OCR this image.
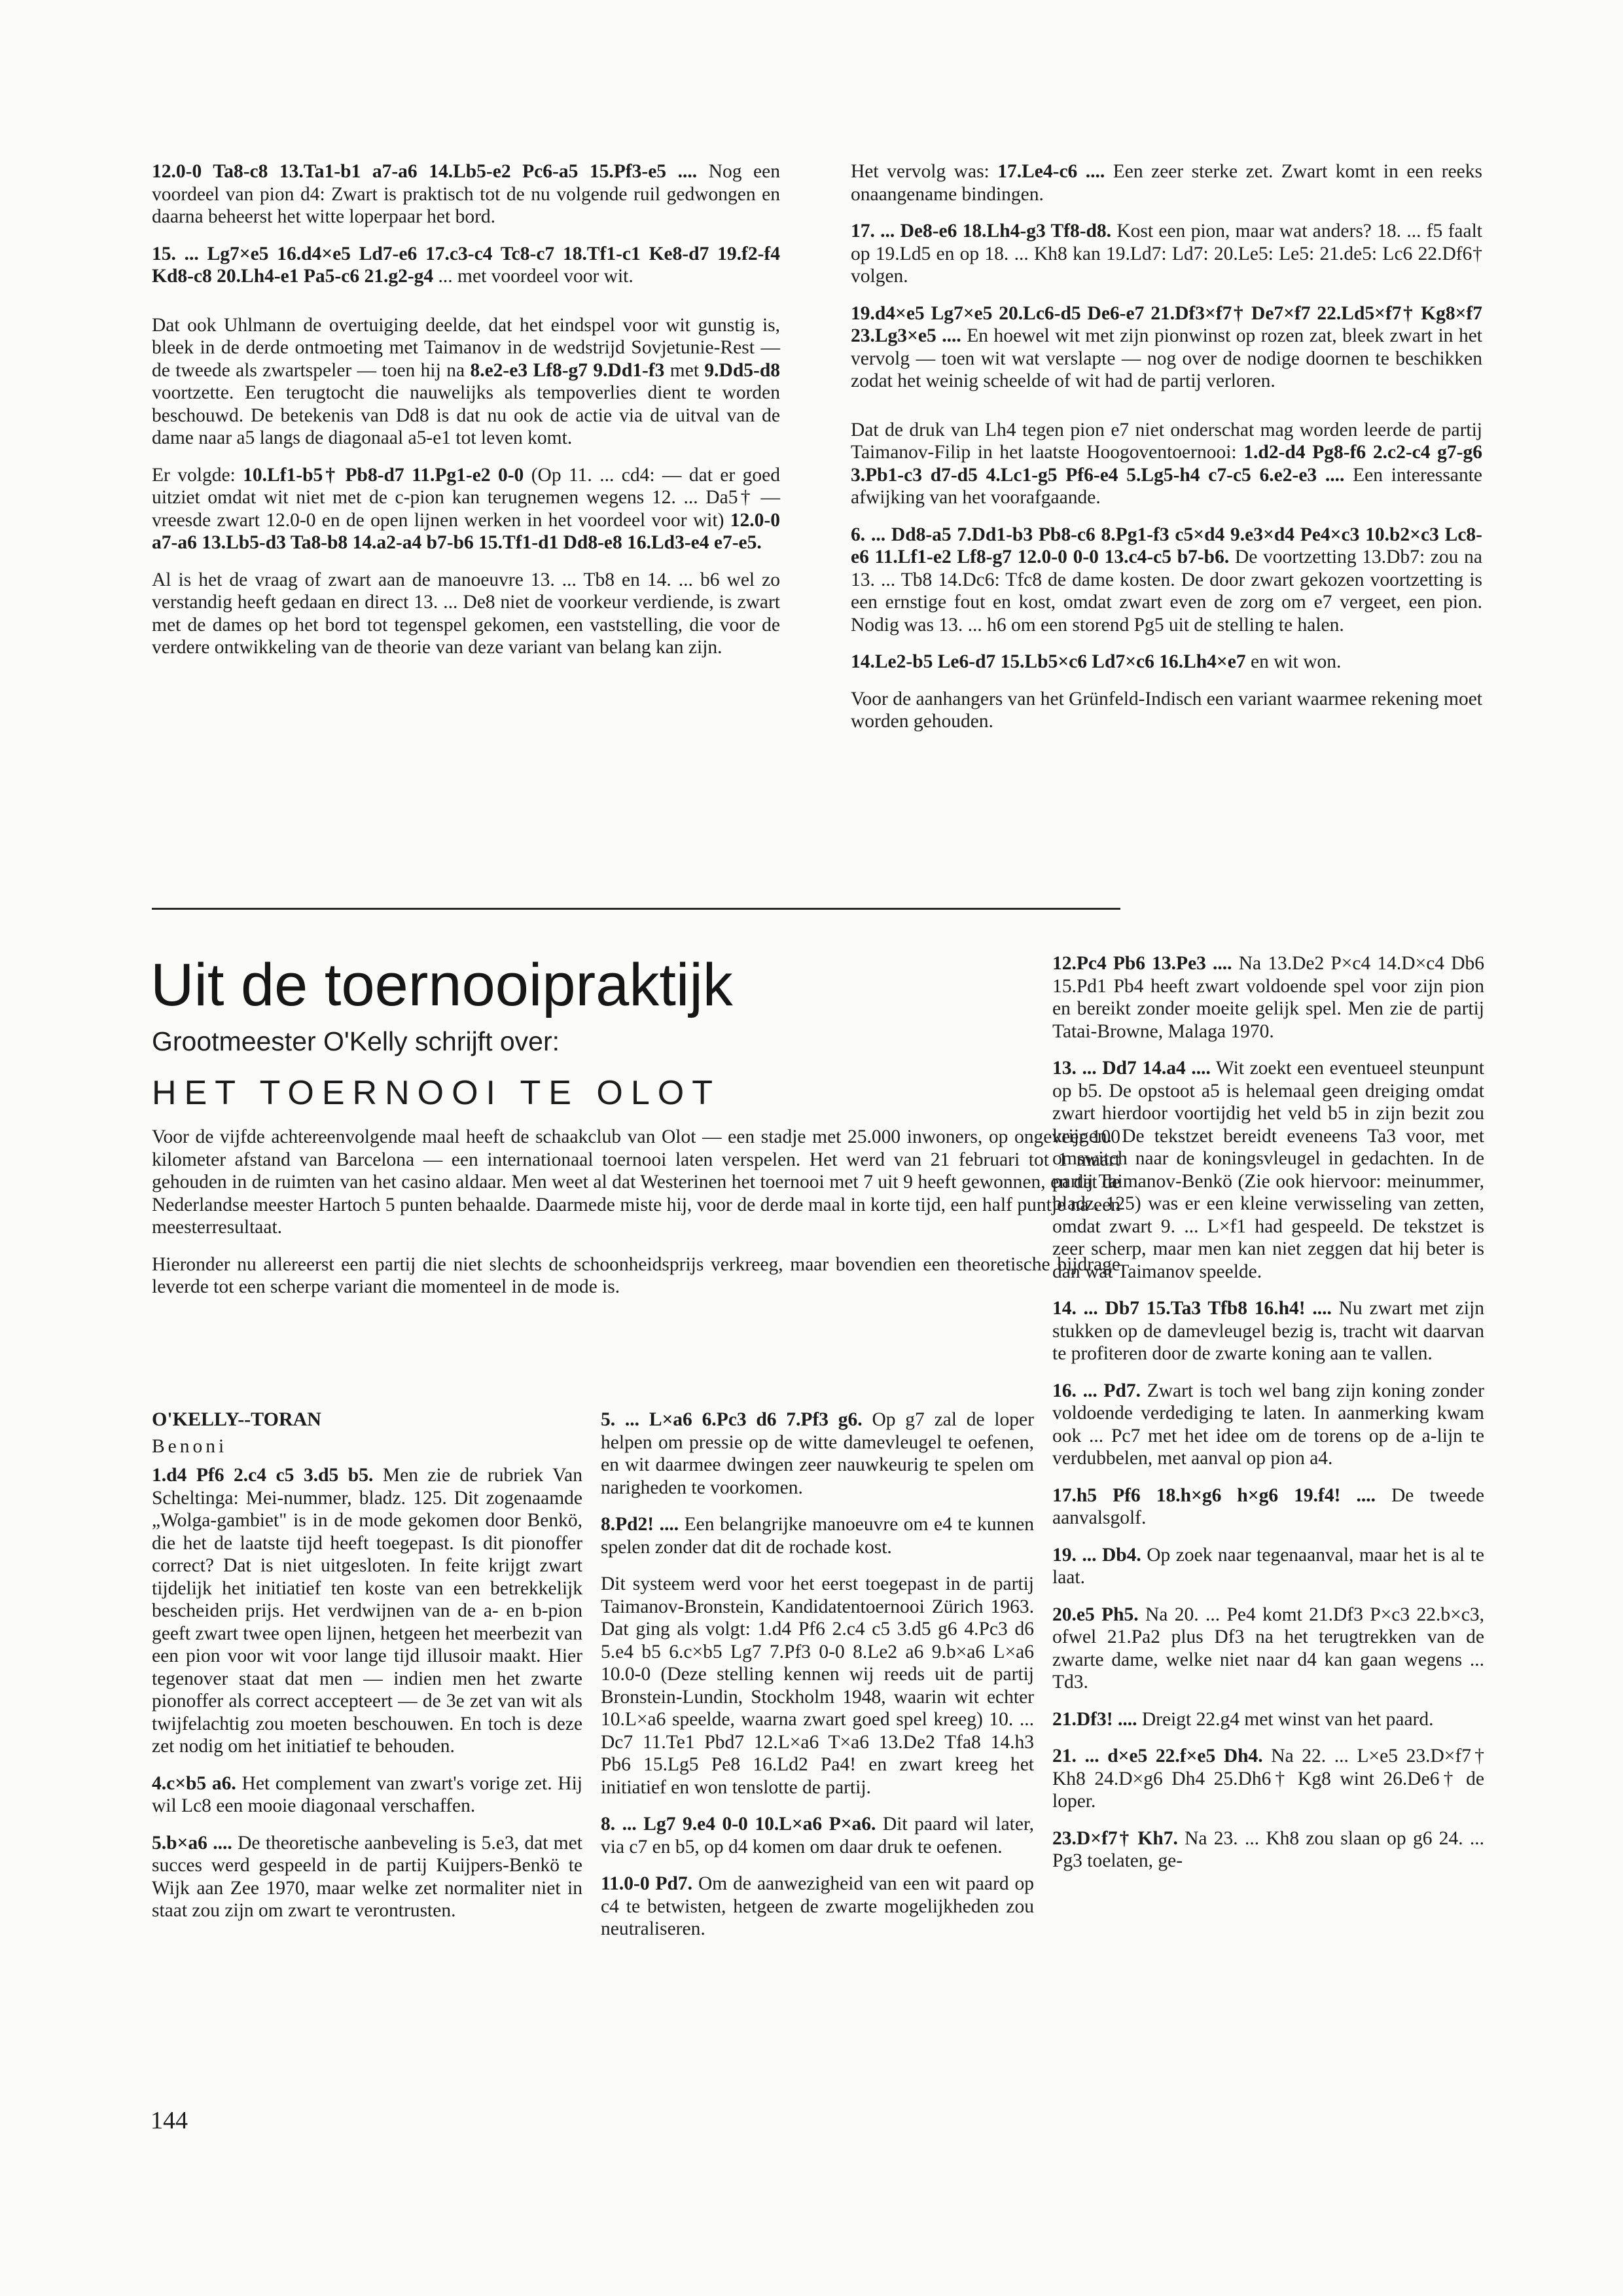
12.0-0 Ta8-c8 13.Ta1-b1 a7-a6 14.Lb5-e2 Pc6-a5 15.Pf3-e5 .... Nog een voordeel van pion d4: Zwart is praktisch tot de nu volgende ruil gedwongen en daarna beheerst het witte loperpaar het bord.

15. ... Lg7×e5 16.d4×e5 Ld7-e6 17.c3-c4 Tc8-c7 18.Tf1-c1 Ke8-d7 19.f2-f4 Kd8-c8 20.Lh4-e1 Pa5-c6 21.g2-g4 ... met voordeel voor wit.

Dat ook Uhlmann de overtuiging deelde, dat het eindspel voor wit gunstig is, bleek in de derde ontmoeting met Taimanov in de wedstrijd Sovjetunie-Rest — de tweede als zwartspeler — toen hij na 8.e2-e3 Lf8-g7 9.Dd1-f3 met 9.Dd5-d8 voortzette. Een terugtocht die nauwelijks als tempoverlies dient te worden beschouwd. De betekenis van Dd8 is dat nu ook de actie via de uitval van de dame naar a5 langs de diagonaal a5-e1 tot leven komt.

Er volgde: 10.Lf1-b5† Pb8-d7 11.Pg1-e2 0-0 (Op 11. ... cd4: — dat er goed uitziet omdat wit niet met de c-pion kan terugnemen wegens 12. ... Da5† — vreesde zwart 12.0-0 en de open lijnen werken in het voordeel voor wit) 12.0-0 a7-a6 13.Lb5-d3 Ta8-b8 14.a2-a4 b7-b6 15.Tf1-d1 Dd8-e8 16.Ld3-e4 e7-e5.

Al is het de vraag of zwart aan de manoeuvre 13. ... Tb8 en 14. ... b6 wel zo verstandig heeft gedaan en direct 13. ... De8 niet de voorkeur verdiende, is zwart met de dames op het bord tot tegenspel gekomen, een vaststelling, die voor de verdere ontwikkeling van de theorie van deze variant van belang kan zijn.

Het vervolg was: 17.Le4-c6 .... Een zeer sterke zet. Zwart komt in een reeks onaangename bindingen.

17. ... De8-e6 18.Lh4-g3 Tf8-d8. Kost een pion, maar wat anders? 18. ... f5 faalt op 19.Ld5 en op 18. ... Kh8 kan 19.Ld7: Ld7: 20.Le5: Le5: 21.de5: Lc6 22.Df6† volgen.

19.d4×e5 Lg7×e5 20.Lc6-d5 De6-e7 21.Df3×f7† De7×f7 22.Ld5×f7† Kg8×f7 23.Lg3×e5 .... En hoewel wit met zijn pionwinst op rozen zat, bleek zwart in het vervolg — toen wit wat verslapte — nog over de nodige doornen te beschikken zodat het weinig scheelde of wit had de partij verloren.

Dat de druk van Lh4 tegen pion e7 niet onderschat mag worden leerde de partij Taimanov-Filip in het laatste Hoogoventoernooi: 1.d2-d4 Pg8-f6 2.c2-c4 g7-g6 3.Pb1-c3 d7-d5 4.Lc1-g5 Pf6-e4 5.Lg5-h4 c7-c5 6.e2-e3 .... Een interessante afwijking van het voorafgaande.

6. ... Dd8-a5 7.Dd1-b3 Pb8-c6 8.Pg1-f3 c5×d4 9.e3×d4 Pe4×c3 10.b2×c3 Lc8-e6 11.Lf1-e2 Lf8-g7 12.0-0 0-0 13.c4-c5 b7-b6. De voortzetting 13.Db7: zou na 13. ... Tb8 14.Dc6: Tfc8 de dame kosten. De door zwart gekozen voortzetting is een ernstige fout en kost, omdat zwart even de zorg om e7 vergeet, een pion. Nodig was 13. ... h6 om een storend Pg5 uit de stelling te halen.

14.Le2-b5 Le6-d7 15.Lb5×c6 Ld7×c6 16.Lh4×e7 en wit won.

Voor de aanhangers van het Grünfeld-Indisch een variant waarmee rekening moet worden gehouden.

Uit de toernooipraktijk
Grootmeester O'Kelly schrijft over:
HET TOERNOOI TE OLOT

Voor de vijfde achtereenvolgende maal heeft de schaakclub van Olot — een stadje met 25.000 inwoners, op ongeveer 100 kilometer afstand van Barcelona — een internationaal toernooi laten verspelen. Het werd van 21 februari tot 1 maart gehouden in de ruimten van het casino aldaar. Men weet al dat Westerinen het toernooi met 7 uit 9 heeft gewonnen, en dat de Nederlandse meester Hartoch 5 punten behaalde. Daarmede miste hij, voor de derde maal in korte tijd, een half puntje na een meesterresultaat.

Hieronder nu allereerst een partij die niet slechts de schoonheidsprijs verkreeg, maar bovendien een theoretische bijdrage leverde tot een scherpe variant die momenteel in de mode is.

O'KELLY--TORAN

Benoni

1.d4 Pf6 2.c4 c5 3.d5 b5. Men zie de rubriek Van Scheltinga: Mei-nummer, bladz. 125. Dit zogenaamde „Wolga-gambiet" is in de mode gekomen door Benkö, die het de laatste tijd heeft toegepast. Is dit pionoffer correct? Dat is niet uitgesloten. In feite krijgt zwart tijdelijk het initiatief ten koste van een betrekkelijk bescheiden prijs. Het verdwijnen van de a- en b-pion geeft zwart twee open lijnen, hetgeen het meerbezit van een pion voor wit voor lange tijd illusoir maakt. Hier tegenover staat dat men — indien men het zwarte pionoffer als correct accepteert — de 3e zet van wit als twijfelachtig zou moeten beschouwen. En toch is deze zet nodig om het initiatief te behouden.

4.c×b5 a6. Het complement van zwart's vorige zet. Hij wil Lc8 een mooie diagonaal verschaffen.

5.b×a6 .... De theoretische aanbeveling is 5.e3, dat met succes werd gespeeld in de partij Kuijpers-Benkö te Wijk aan Zee 1970, maar welke zet normaliter niet in staat zou zijn om zwart te verontrusten.

5. ... L×a6 6.Pc3 d6 7.Pf3 g6. Op g7 zal de loper helpen om pressie op de witte damevleugel te oefenen, en wit daarmee dwingen zeer nauwkeurig te spelen om narigheden te voorkomen.

8.Pd2! .... Een belangrijke manoeuvre om e4 te kunnen spelen zonder dat dit de rochade kost.

Dit systeem werd voor het eerst toegepast in de partij Taimanov-Bronstein, Kandidatentoernooi Zürich 1963. Dat ging als volgt: 1.d4 Pf6 2.c4 c5 3.d5 g6 4.Pc3 d6 5.e4 b5 6.c×b5 Lg7 7.Pf3 0-0 8.Le2 a6 9.b×a6 L×a6 10.0-0 (Deze stelling kennen wij reeds uit de partij Bronstein-Lundin, Stockholm 1948, waarin wit echter 10.L×a6 speelde, waarna zwart goed spel kreeg) 10. ... Dc7 11.Te1 Pbd7 12.L×a6 T×a6 13.De2 Tfa8 14.h3 Pb6 15.Lg5 Pe8 16.Ld2 Pa4! en zwart kreeg het initiatief en won tenslotte de partij.

8. ... Lg7 9.e4 0-0 10.L×a6 P×a6. Dit paard wil later, via c7 en b5, op d4 komen om daar druk te oefenen.

11.0-0 Pd7. Om de aanwezigheid van een wit paard op c4 te betwisten, hetgeen de zwarte mogelijkheden zou neutraliseren.

12.Pc4 Pb6 13.Pe3 .... Na 13.De2 P×c4 14.D×c4 Db6 15.Pd1 Pb4 heeft zwart voldoende spel voor zijn pion en bereikt zonder moeite gelijk spel. Men zie de partij Tatai-Browne, Malaga 1970.

13. ... Dd7 14.a4 .... Wit zoekt een eventueel steunpunt op b5. De opstoot a5 is helemaal geen dreiging omdat zwart hierdoor voortijdig het veld b5 in zijn bezit zou krijgen. De tekstzet bereidt eveneens Ta3 voor, met omswitch naar de koningsvleugel in gedachten. In de partij Taimanov-Benkö (Zie ook hiervoor: meinummer, bladz. 125) was er een kleine verwisseling van zetten, omdat zwart 9. ... L×f1 had gespeeld. De tekstzet is zeer scherp, maar men kan niet zeggen dat hij beter is dan wat Taimanov speelde.

14. ... Db7 15.Ta3 Tfb8 16.h4! .... Nu zwart met zijn stukken op de damevleugel bezig is, tracht wit daarvan te profiteren door de zwarte koning aan te vallen.

16. ... Pd7. Zwart is toch wel bang zijn koning zonder voldoende verdediging te laten. In aanmerking kwam ook ... Pc7 met het idee om de torens op de a-lijn te verdubbelen, met aanval op pion a4.

17.h5 Pf6 18.h×g6 h×g6 19.f4! .... De tweede aanvalsgolf.

19. ... Db4. Op zoek naar tegenaanval, maar het is al te laat.

20.e5 Ph5. Na 20. ... Pe4 komt 21.Df3 P×c3 22.b×c3, ofwel 21.Pa2 plus Df3 na het terugtrekken van de zwarte dame, welke niet naar d4 kan gaan wegens ... Td3.

21.Df3! .... Dreigt 22.g4 met winst van het paard.

21. ... d×e5 22.f×e5 Dh4. Na 22. ... L×e5 23.D×f7† Kh8 24.D×g6 Dh4 25.Dh6† Kg8 wint 26.De6† de loper.

23.D×f7† Kh7. Na 23. ... Kh8 zou slaan op g6 24. ... Pg3 toelaten, ge-

144
